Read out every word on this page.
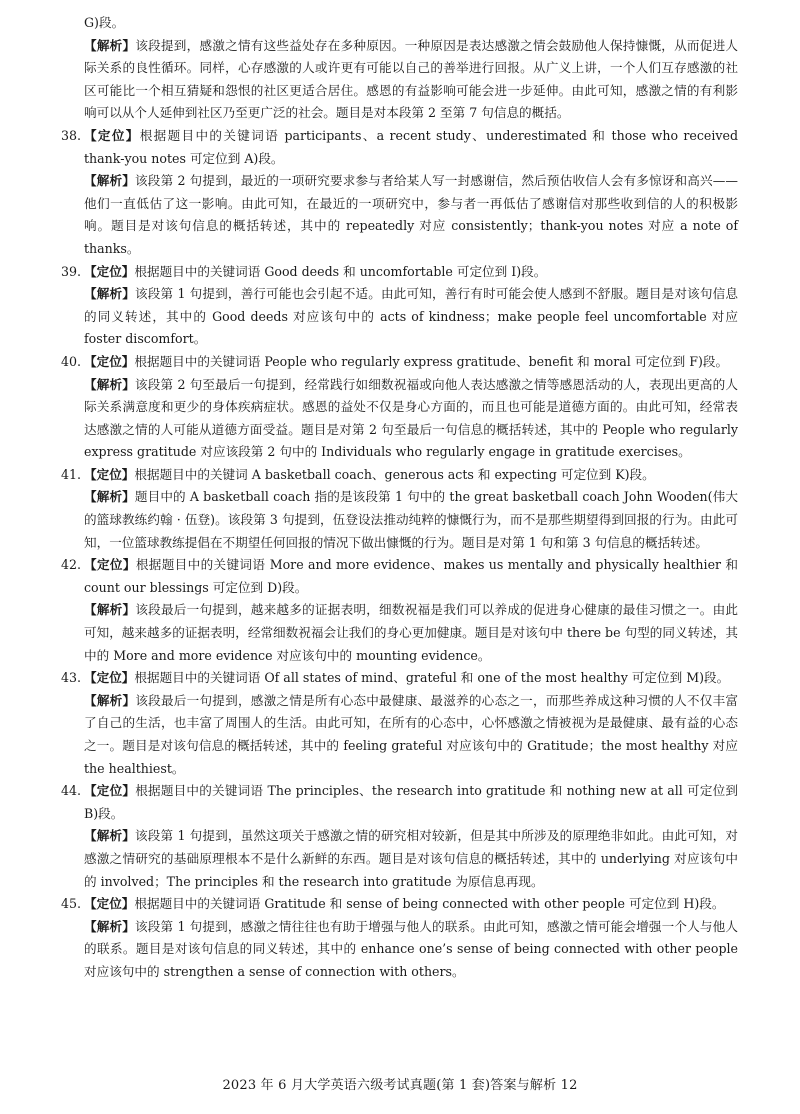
G)段。

【解析】该段提到，感激之情有这些益处存在多种原因。一种原因是表达感激之情会鼓励他人保持慷慨，从而促进人际关系的良性循环。同样，心存感激的人或许更有可能以自己的善举进行回报。从广义上讲，一个人们互存感激的社区可能比一个相互猜疑和怨恨的社区更适合居住。感恩的有益影响可能会进一步延伸。由此可知，感激之情的有利影响可以从个人延伸到社区乃至更广泛的社会。题目是对本段第 2 至第 7 句信息的概括。

38. 【定位】根据题目中的关键词语 participants、a recent study、underestimated 和 those who received thank-you notes 可定位到 A)段。

【解析】该段第 2 句提到，最近的一项研究要求参与者给某人写一封感谢信，然后预估收信人会有多惊讶和高兴——他们一直低估了这一影响。由此可知，在最近的一项研究中，参与者一再低估了感谢信对那些收到信的人的积极影响。题目是对该句信息的概括转述，其中的 repeatedly 对应 consistently；thank-you notes 对应 a note of thanks。

39. 【定位】根据题目中的关键词语 Good deeds 和 uncomfortable 可定位到 I)段。

【解析】该段第 1 句提到，善行可能也会引起不适。由此可知，善行有时可能会使人感到不舒服。题目是对该句信息的同义转述，其中的 Good deeds 对应该句中的 acts of kindness；make people feel uncomfortable 对应 foster discomfort。

40. 【定位】根据题目中的关键词语 People who regularly express gratitude、benefit 和 moral 可定位到 F)段。

【解析】该段第 2 句至最后一句提到，经常践行如细数祝福或向他人表达感激之情等感恩活动的人，表现出更高的人际关系满意度和更少的身体疾病症状。感恩的益处不仅是身心方面的，而且也可能是道德方面的。由此可知，经常表达感激之情的人可能从道德方面受益。题目是对第 2 句至最后一句信息的概括转述，其中的 People who regularly express gratitude 对应该段第 2 句中的 Individuals who regularly engage in gratitude exercises。

41. 【定位】根据题目中的关键词 A basketball coach、generous acts 和 expecting 可定位到 K)段。

【解析】题目中的 A basketball coach 指的是该段第 1 句中的 the great basketball coach John Wooden(伟大的篮球教练约翰 · 伍登)。该段第 3 句提到，伍登设法推动纯粹的慷慨行为，而不是那些期望得到回报的行为。由此可知，一位篮球教练提倡在不期望任何回报的情况下做出慷慨的行为。题目是对第 1 句和第 3 句信息的概括转述。

42. 【定位】根据题目中的关键词语 More and more evidence、makes us mentally and physically healthier 和 count our blessings 可定位到 D)段。

【解析】该段最后一句提到，越来越多的证据表明，细数祝福是我们可以养成的促进身心健康的最佳习惯之一。由此可知，越来越多的证据表明，经常细数祝福会让我们的身心更加健康。题目是对该句中 there be 句型的同义转述，其中的 More and more evidence 对应该句中的 mounting evidence。

43. 【定位】根据题目中的关键词语 Of all states of mind、grateful 和 one of the most healthy 可定位到 M)段。

【解析】该段最后一句提到，感激之情是所有心态中最健康、最滋养的心态之一，而那些养成这种习惯的人不仅丰富了自己的生活，也丰富了周围人的生活。由此可知，在所有的心态中，心怀感激之情被视为是最健康、最有益的心态之一。题目是对该句信息的概括转述，其中的 feeling grateful 对应该句中的 Gratitude；the most healthy 对应 the healthiest。

44. 【定位】根据题目中的关键词语 The principles、the research into gratitude 和 nothing new at all 可定位到 B)段。

【解析】该段第 1 句提到，虽然这项关于感激之情的研究相对较新，但是其中所涉及的原理绝非如此。由此可知，对感激之情研究的基础原理根本不是什么新鲜的东西。题目是对该句信息的概括转述，其中的 underlying 对应该句中的 involved；The principles 和 the research into gratitude 为原信息再现。

45. 【定位】根据题目中的关键词语 Gratitude 和 sense of being connected with other people 可定位到 H)段。

【解析】该段第 1 句提到，感激之情往往也有助于增强与他人的联系。由此可知，感激之情可能会增强一个人与他人的联系。题目是对该句信息的同义转述，其中的 enhance one’s sense of being connected with other people 对应该句中的 strengthen a sense of connection with others。

2023 年 6 月大学英语六级考试真题(第 1 套)答案与解析 12
